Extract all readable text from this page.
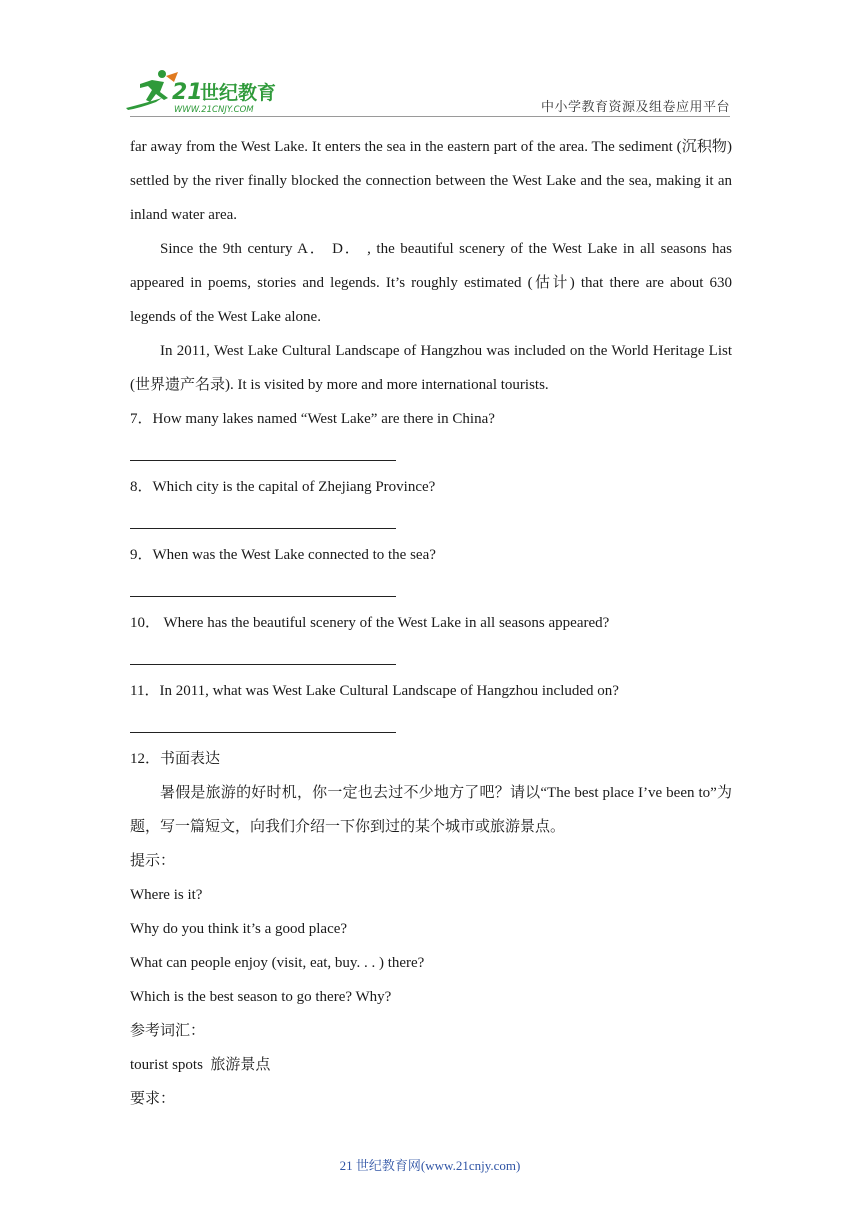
21
世纪教育
WWW.21CNJY.COM	中小学教育资源及组卷应用平台

far away from the West Lake. It enters the sea in the eastern part of the area. The sediment (沉积物) settled by the river finally blocked the connection between the West Lake and the sea, making it an inland water area.

Since the 9th century A． D． , the beautiful scenery of the West Lake in all seasons has appeared in poems, stories and legends. It’s roughly estimated (估计) that there are about 630 legends of the West Lake alone.

In 2011, West Lake Cultural Landscape of Hangzhou was included on the World Heritage List (世界遗产名录). It is visited by more and more international tourists.

7．How many lakes named “West Lake” are there in China?

8．Which city is the capital of Zhejiang Province?

9．When was the West Lake connected to the sea?

10． Where has the beautiful scenery of the West Lake in all seasons appeared?

11．In 2011, what was West Lake Cultural Landscape of Hangzhou included on?

12．书面表达

暑假是旅游的好时机，你一定也去过不少地方了吧？请以“The best place I’ve been to”为题，写一篇短文，向我们介绍一下你到过的某个城市或旅游景点。

提示：

Where is it?

Why do you think it’s a good place?

What can people enjoy (visit, eat, buy. . . ) there?

Which is the best season to go there? Why?

参考词汇：

tourist spots  旅游景点

要求：

21 世纪教育网(www.21cnjy.com)
